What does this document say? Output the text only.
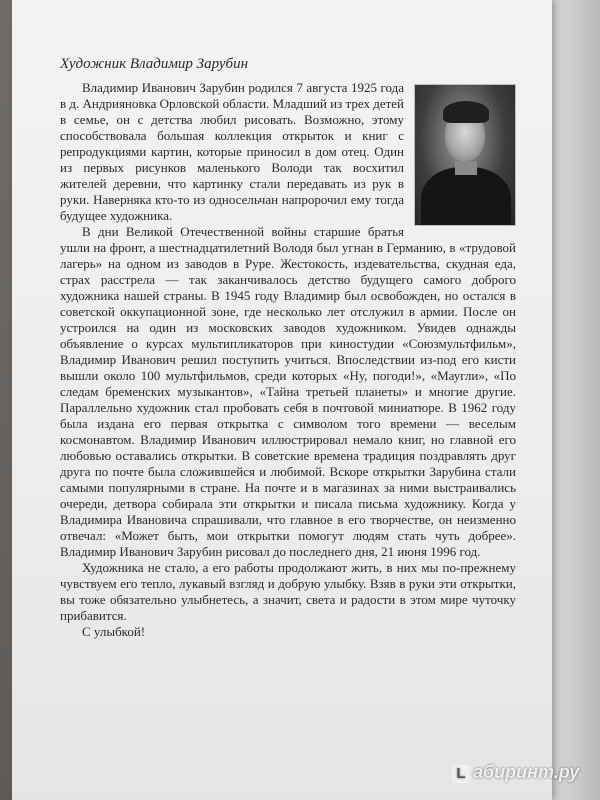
Художник Владимир Зарубин

Владимир Иванович Зарубин родился 7 августа 1925 года в д. Андрияновка Орловской области. Младший из трех детей в семье, он с детства любил рисовать. Возможно, этому способствовала большая коллекция открыток и книг с репродукциями картин, которые приносил в дом отец. Один из первых рисунков маленького Володи так восхитил жителей деревни, что картинку стали передавать из рук в руки. Наверняка кто-то из односельчан напророчил ему тогда будущее художника.

В дни Великой Отечественной войны старшие братья ушли на фронт, а шестнадцатилетний Володя был угнан в Германию, в «трудовой лагерь» на одном из заводов в Руре. Жестокость, издевательства, скудная еда, страх расстрела — так заканчивалось детство будущего самого доброго художника нашей страны. В 1945 году Владимир был освобожден, но остался в советской оккупационной зоне, где несколько лет отслужил в армии. После он устроился на один из московских заводов художником. Увидев однажды объявление о курсах мультипликаторов при киностудии «Союзмультфильм», Владимир Иванович решил поступить учиться. Впоследствии из-под его кисти вышли около 100 мультфильмов, среди которых «Ну, погоди!», «Маугли», «По следам бременских музыкантов», «Тайна третьей планеты» и многие другие. Параллельно художник стал пробовать себя в почтовой миниатюре. В 1962 году была издана его первая открытка с символом того времени — веселым космонавтом. Владимир Иванович иллюстрировал немало книг, но главной его любовью оставались открытки. В советские времена традиция поздравлять друг друга по почте была сложившейся и любимой. Вскоре открытки Зарубина стали самыми популярными в стране. На почте и в магазинах за ними выстраивались очереди, детвора собирала эти открытки и писала письма художнику. Когда у Владимира Ивановича спрашивали, что главное в его творчестве, он неизменно отвечал: «Может быть, мои открытки помогут людям стать чуть добрее». Владимир Иванович Зарубин рисовал до последнего дня, 21 июня 1996 год.

Художника не стало, а его работы продолжают жить, в них мы по-прежнему чувствуем его тепло, лукавый взгляд и добрую улыбку. Взяв в руки эти открытки, вы тоже обязательно улыбнетесь, а значит, света и радости в этом мире чуточку прибавится.

С улыбкой!

L абиринт.ру
